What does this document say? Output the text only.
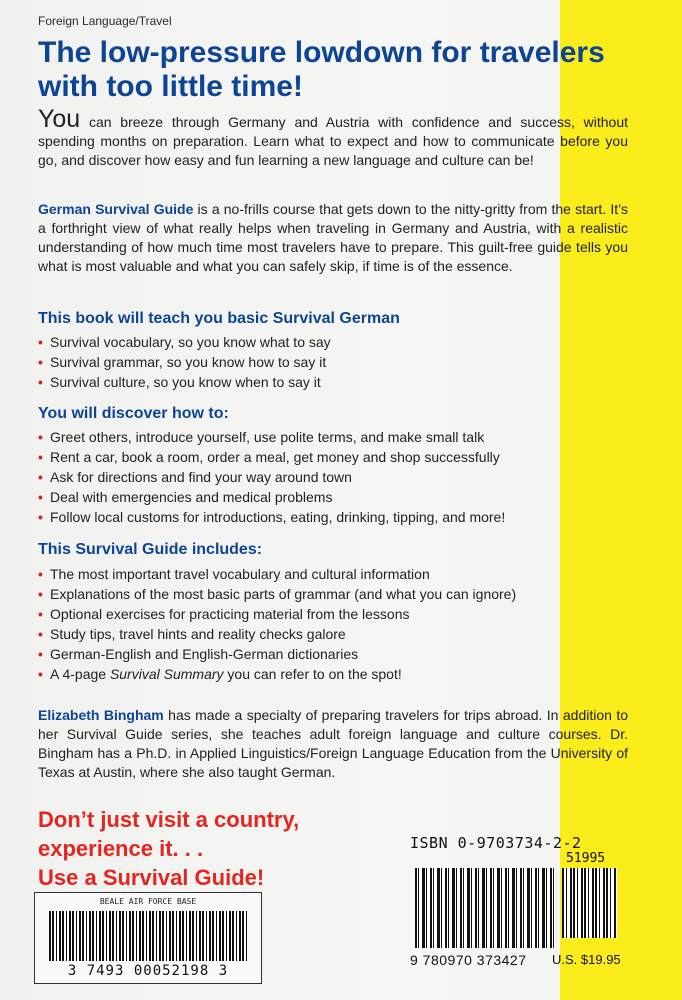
Foreign Language/Travel
The low-pressure lowdown for travelers with too little time!

You can breeze through Germany and Austria with confidence and success, without spending months on preparation. Learn what to expect and how to communicate before you go, and discover how easy and fun learning a new language and culture can be!

German Survival Guide is a no-frills course that gets down to the nitty-gritty from the start. It’s a forthright view of what really helps when traveling in Germany and Austria, with a realistic understanding of how much time most travelers have to prepare. This guilt-free guide tells you what is most valuable and what you can safely skip, if time is of the essence.

This book will teach you basic Survival German
• Survival vocabulary, so you know what to say
• Survival grammar, so you know how to say it
• Survival culture, so you know when to say it
You will discover how to:
• Greet others, introduce yourself, use polite terms, and make small talk
• Rent a car, book a room, order a meal, get money and shop successfully
• Ask for directions and find your way around town
• Deal with emergencies and medical problems
• Follow local customs for introductions, eating, drinking, tipping, and more!
This Survival Guide includes:
• The most important travel vocabulary and cultural information
• Explanations of the most basic parts of grammar (and what you can ignore)
• Optional exercises for practicing material from the lessons
• Study tips, travel hints and reality checks galore
• German-English and English-German dictionaries
• A 4-page Survival Summary you can refer to on the spot!

Elizabeth Bingham has made a specialty of preparing travelers for trips abroad. In addition to her Survival Guide series, she teaches adult foreign language and culture courses. Dr. Bingham has a Ph.D. in Applied Linguistics/Foreign Language Education from the University of Texas at Austin, where she also taught German.

Don’t just visit a country,
experience it. . .
Use a Survival Guide!
ISBN 0-9703734-2-2
51995
9 780970 373427 U.S. $19.95
BEALE AIR FORCE BASE
3 7493 00052198 3
